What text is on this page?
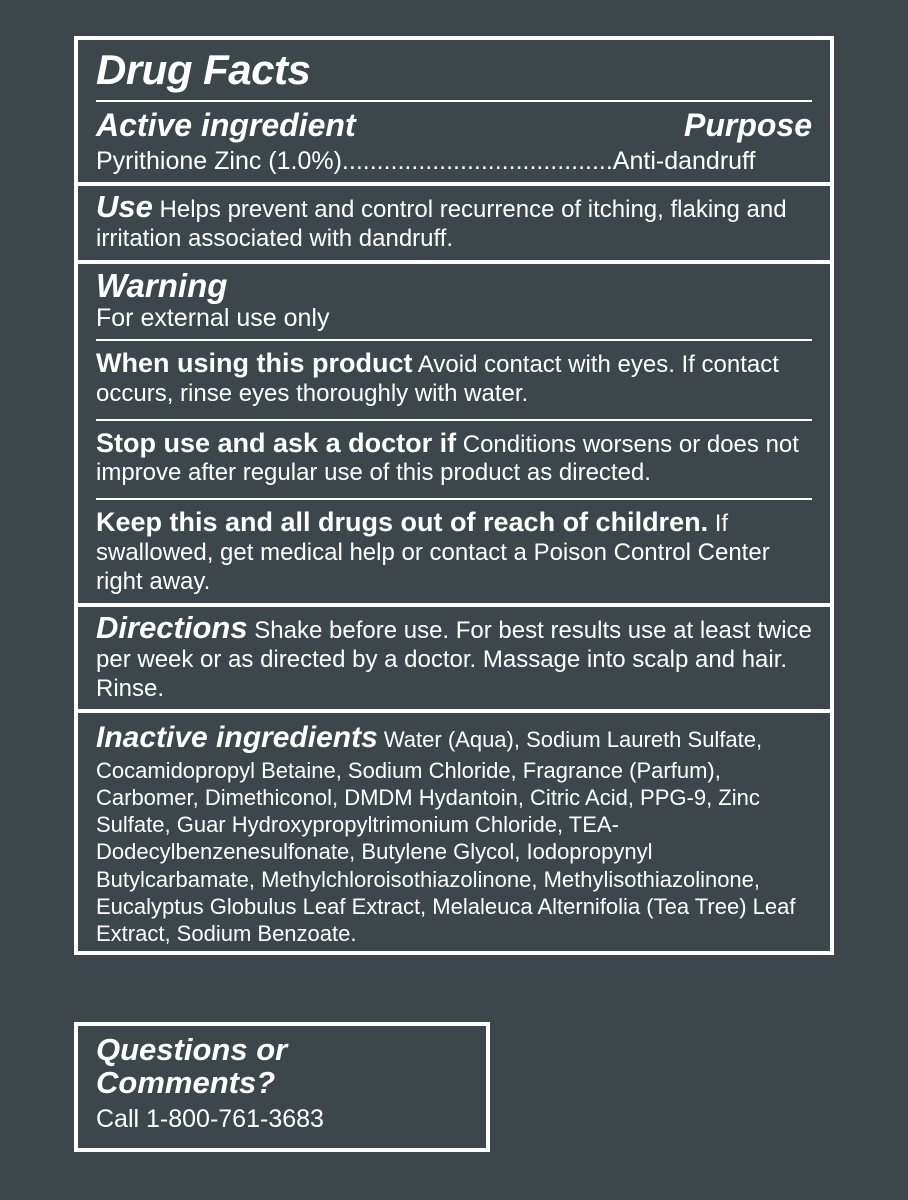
Drug Facts
Active ingredient	Purpose
Pyrithione Zinc (1.0%).......................................Anti-dandruff
Use Helps prevent and control recurrence of itching, flaking and irritation associated with dandruff.
Warning
For external use only
When using this product Avoid contact with eyes. If contact occurs, rinse eyes thoroughly with water.
Stop use and ask a doctor if Conditions worsens or does not improve after regular use of this product as directed.
Keep this and all drugs out of reach of children. If swallowed, get medical help or contact a Poison Control Center right away.
Directions Shake before use. For best results use at least twice per week or as directed by a doctor. Massage into scalp and hair. Rinse.
Inactive ingredients Water (Aqua), Sodium Laureth Sulfate, Cocamidopropyl Betaine, Sodium Chloride, Fragrance (Parfum), Carbomer, Dimethiconol, DMDM Hydantoin, Citric Acid, PPG-9, Zinc Sulfate, Guar Hydroxypropyltrimonium Chloride, TEA-Dodecylbenzenesulfonate, Butylene Glycol, Iodopropynyl Butylcarbamate, Methylchloroisothiazolinone, Methylisothiazolinone, Eucalyptus Globulus Leaf Extract, Melaleuca Alternifolia (Tea Tree) Leaf Extract, Sodium Benzoate.
Questions or
Comments?
Call 1-800-761-3683
